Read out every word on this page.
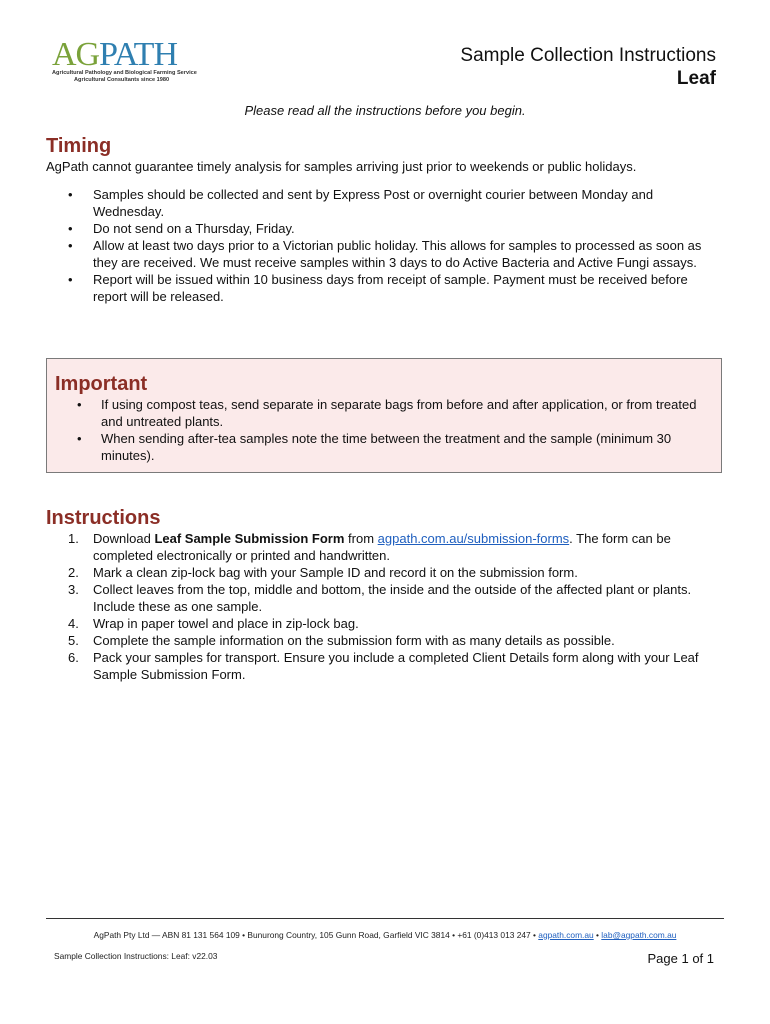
AGPATH
Agricultural Pathology and Biological Farming Service
Agricultural Consultants since 1980
Sample Collection Instructions
Leaf
Please read all the instructions before you begin.
Timing
AgPath cannot guarantee timely analysis for samples arriving just prior to weekends or public holidays.
• Samples should be collected and sent by Express Post or overnight courier between Monday and Wednesday.
• Do not send on a Thursday, Friday.
• Allow at least two days prior to a Victorian public holiday. This allows for samples to processed as soon as they are received. We must receive samples within 3 days to do Active Bacteria and Active Fungi assays.
• Report will be issued within 10 business days from receipt of sample. Payment must be received before report will be released.
Important
• If using compost teas, send separate in separate bags from before and after application, or from treated and untreated plants.
• When sending after-tea samples note the time between the treatment and the sample (minimum 30 minutes).
Instructions
1. Download Leaf Sample Submission Form from agpath.com.au/submission-forms. The form can be completed electronically or printed and handwritten.
2. Mark a clean zip-lock bag with your Sample ID and record it on the submission form.
3. Collect leaves from the top, middle and bottom, the inside and the outside of the affected plant or plants. Include these as one sample.
4. Wrap in paper towel and place in zip-lock bag.
5. Complete the sample information on the submission form with as many details as possible.
6. Pack your samples for transport. Ensure you include a completed Client Details form along with your Leaf Sample Submission Form.
AgPath Pty Ltd — ABN 81 131 564 109 • Bunurong Country, 105 Gunn Road, Garfield VIC 3814 • +61 (0)413 013 247 • agpath.com.au • lab@agpath.com.au
Sample Collection Instructions: Leaf: v22.03	Page 1 of 1
